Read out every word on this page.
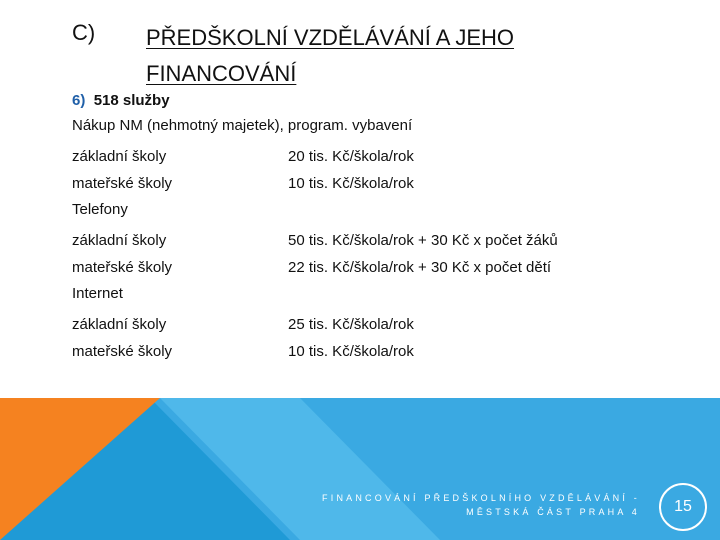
C) PŘEDŠKOLNÍ VZDĚLÁVÁNÍ A JEHO
FINANCOVÁNÍ
6) 518 služby
Nákup NM (nehmotný majetek), program. vybavení
základní školy	20 tis. Kč/škola/rok
mateřské školy	10 tis. Kč/škola/rok
Telefony
základní školy	50 tis. Kč/škola/rok + 30 Kč x počet žáků
mateřské školy	22 tis. Kč/škola/rok + 30 Kč x počet dětí
Internet
základní školy	25 tis. Kč/škola/rok
mateřské školy	10 tis. Kč/škola/rok
FINANCOVÁNÍ PŘEDŠKOLNÍHO VZDĚLÁVÁNÍ -
MĚSTSKÁ ČÁST PRAHA 4	15
